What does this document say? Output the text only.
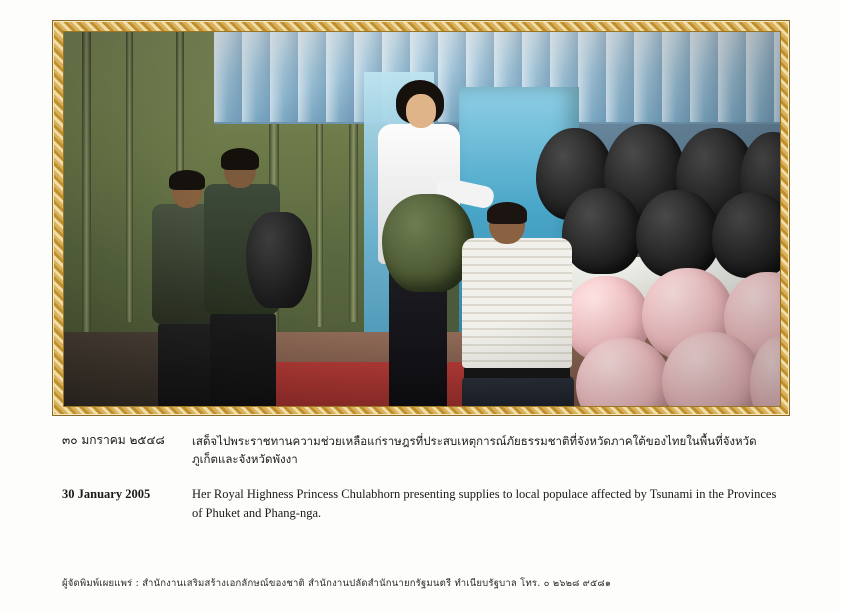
๓๐ มกราคม ๒๕๔๘	เสด็จไปพระราชทานความช่วยเหลือแก่ราษฎรที่ประสบเหตุการณ์ภัยธรรมชาติที่จังหวัดภาคใต้ของไทยในพื้นที่จังหวัดภูเก็ตและจังหวัดพังงา
30 January 2005	Her Royal Highness Princess Chulabhorn presenting supplies to local populace affected by Tsunami in the Provinces of Phuket and Phang-nga.
ผู้จัดพิมพ์เผยแพร่ : สำนักงานเสริมสร้างเอกลักษณ์ของชาติ สำนักงานปลัดสำนักนายกรัฐมนตรี ทำเนียบรัฐบาล โทร. ๐ ๒๖๒๘ ๙๕๘๑
